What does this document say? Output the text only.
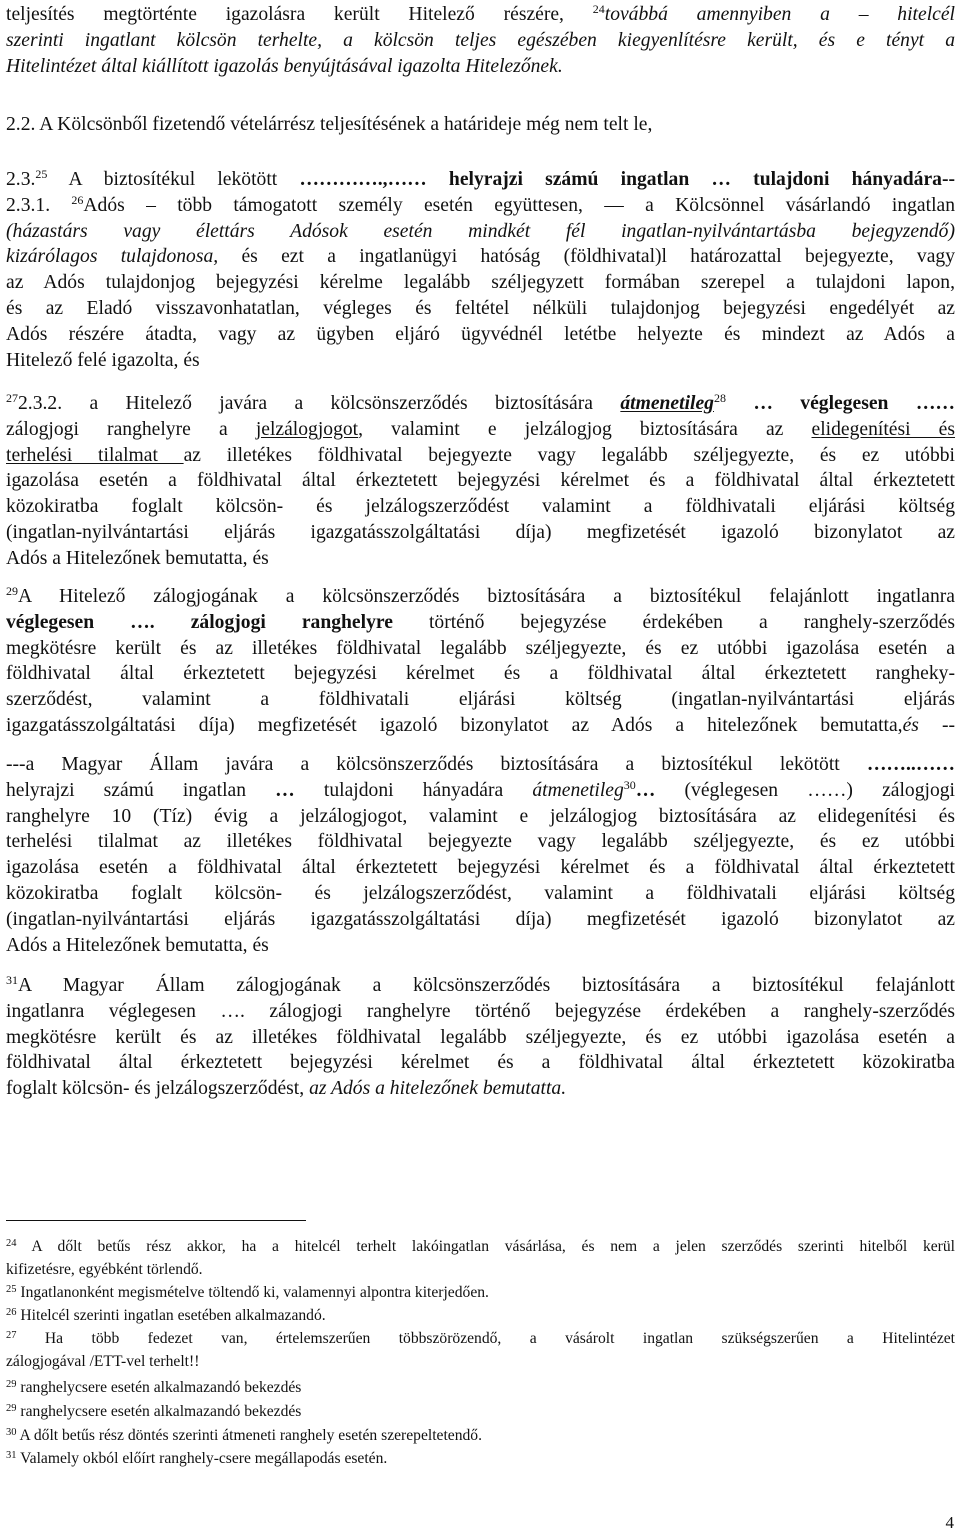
teljesítés megtörténte igazolásra került Hitelező részére, $^{24}$továbbá amennyiben a – hitelcél
szerinti ingatlant kölcsön terhelte, a kölcsön teljes egészében kiegyenlítésre került, és e tényt a
Hitelintézet által kiállított igazolás benyújtásával igazolta Hitelezőnek.
2.2. A Kölcsönből fizetendő vételárrész teljesítésének a határideje még nem telt le,
2.3.25 A biztosítékul lekötött ………….,…… helyrajzi számú ingatlan … tulajdoni hányadára--
2.3.1. $^{26}$Adós – több támogatott személy esetén együttesen, –– a Kölcsönnel vásárlandó ingatlan
(házastárs vagy élettárs Adósok esetén mindkét fél ingatlan-nyilvántartásba bejegyzendő)
kizárólagos tulajdonosa, és ezt a ingatlanügyi hatóság (földhivatal)l határozattal bejegyezte, vagy
az Adós tulajdonjog bejegyzési kérelme legalább széljegyzett formában szerepel a tulajdoni lapon,
és az Eladó visszavonhatatlan, végleges és feltétel nélküli tulajdonjog bejegyzési engedélyét az
Adós részére átadta, vagy az ügyben eljáró ügyvédnél letétbe helyezte és mindezt az Adós a
Hitelező felé igazolta, és
$^{27}$2.3.2. a Hitelező javára a kölcsönszerződés biztosítására átmenetileg$^{28}$ … véglegesen ……
zálogjogi ranghelyre a jelzálogjogot, valamint e jelzálogjog biztosítására az elidegenítési és
terhelési tilalmat az illetékes földhivatal bejegyezte vagy legalább széljegyezte, és ez utóbbi
igazolása esetén a földhivatal által érkeztetett bejegyzési kérelmet és a földhivatal által érkeztetett
közokiratba foglalt kölcsön- és jelzálogszerződést valamint a földhivatali eljárási költség
(ingatlan-nyilvántartási eljárás igazgatásszolgáltatási díja) megfizetését igazoló bizonylatot az
Adós a Hitelezőnek bemutatta, és
$^{29}$A Hitelező zálogjogának a kölcsönszerződés biztosítására a biztosítékul felajánlott ingatlanra
véglegesen …. zálogjogi ranghelyre történő bejegyzése érdekében a ranghely-szerződés
megkötésre került és az illetékes földhivatal legalább széljegyezte, és ez utóbbi igazolása esetén a
földhivatal által érkeztetett bejegyzési kérelmet és a földhivatal által érkeztetett rangheky-
szerződést, valamint a földhivatali eljárási költség (ingatlan-nyilvántartási eljárás
igazgatásszolgáltatási díja) megfizetését igazoló bizonylatot az Adós a hitelezőnek bemutatta,és --
---a Magyar Állam javára a kölcsönszerződés biztosítására a biztosítékul lekötött ……..……
helyrajzi számú ingatlan … tulajdoni hányadára átmenetileg$^{30}$… (véglegesen ……) zálogjogi
ranghelyre 10 (Tíz) évig a jelzálogjogot, valamint e jelzálogjog biztosítására az elidegenítési és
terhelési tilalmat az illetékes földhivatal bejegyezte vagy legalább széljegyezte, és ez utóbbi
igazolása esetén a földhivatal által érkeztetett bejegyzési kérelmet és a földhivatal által érkeztetett
közokiratba foglalt kölcsön- és jelzálogszerződést, valamint a földhivatali eljárási költség
(ingatlan-nyilvántartási eljárás igazgatásszolgáltatási díja) megfizetését igazoló bizonylatot az
Adós a Hitelezőnek bemutatta, és
$^{31}$A Magyar Állam zálogjogának a kölcsönszerződés biztosítására a biztosítékul felajánlott
ingatlanra véglegesen …. zálogjogi ranghelyre történő bejegyzése érdekében a ranghely-szerződés
megkötésre került és az illetékes földhivatal legalább széljegyezte, és ez utóbbi igazolása esetén a
földhivatal által érkeztetett bejegyzési kérelmet és a földhivatal által érkeztetett közokiratba
foglalt kölcsön- és jelzálogszerződést, az Adós a hitelezőnek bemutatta.
$^{24}$ A dőlt betűs rész akkor, ha a hitelcél terhelt lakóingatlan vásárlása, és nem a jelen szerződés szerinti hitelből kerül
kifizetésre, egyébként törlendő.
$^{25}$ Ingatlanonként megismételve töltendő ki, valamennyi alpontra kiterjedően.
$^{26}$ Hitelcél szerinti ingatlan esetében alkalmazandó.
$^{27}$ Ha több fedezet van, értelemszerűen többszörözendő, a vásárolt ingatlan szükségszerűen a Hitelintézet
zálogjogával /ETT-vel terhelt!!
$^{29}$ ranghelycsere esetén alkalmazandó bekezdés
$^{29}$ ranghelycsere esetén alkalmazandó bekezdés
$^{30}$ A dőlt betűs rész döntés szerinti átmeneti ranghely esetén szerepeltetendő.
$^{31}$ Valamely okból előírt ranghely-csere megállapodás esetén.
4
